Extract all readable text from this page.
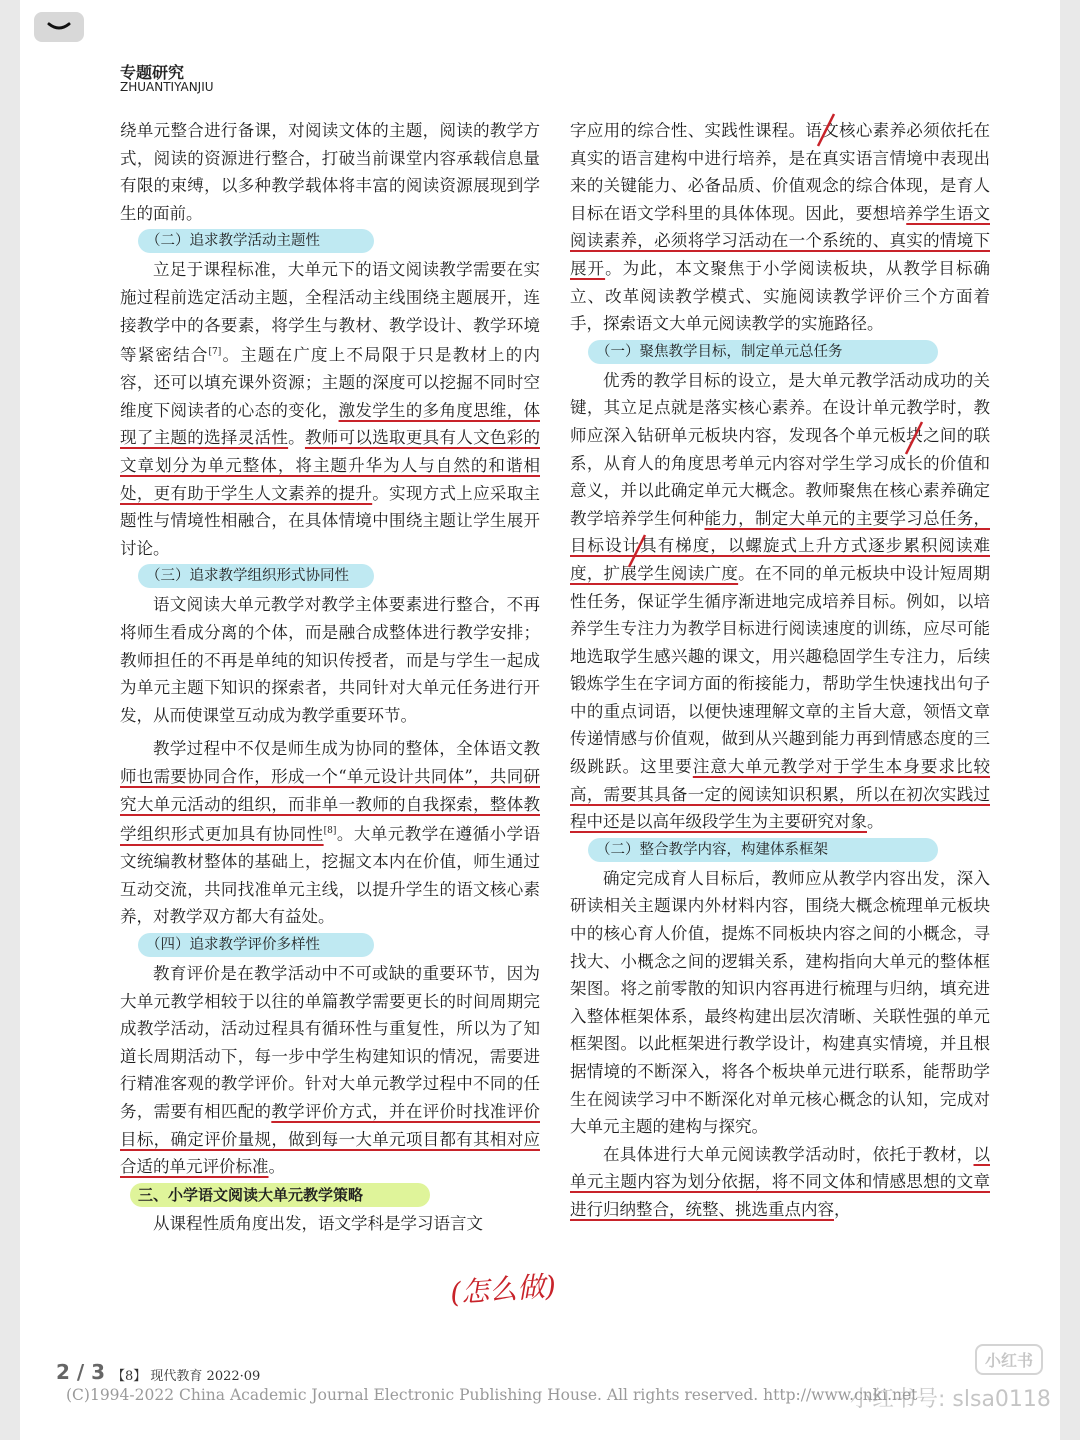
专题研究
ZHUANTIYANJIU

绕单元整合进行备课，对阅读文体的主题，阅读的教学方式，阅读的资源进行整合，打破当前课堂内容承载信息量有限的束缚，以多种教学载体将丰富的阅读资源展现到学生的面前。

（二）追求教学活动主题性

立足于课程标准，大单元下的语文阅读教学需要在实施过程前选定活动主题，全程活动主线围绕主题展开，连接教学中的各要素，将学生与教材、教学设计、教学环境等紧密结合[7]。主题在广度上不局限于只是教材上的内容，还可以填充课外资源；主题的深度可以挖掘不同时空维度下阅读者的心态的变化，激发学生的多角度思维，体现了主题的选择灵活性。教师可以选取更具有人文色彩的文章划分为单元整体，将主题升华为人与自然的和谐相处，更有助于学生人文素养的提升。实现方式上应采取主题性与情境性相融合，在具体情境中围绕主题让学生展开讨论。

（三）追求教学组织形式协同性

语文阅读大单元教学对教学主体要素进行整合，不再将师生看成分离的个体，而是融合成整体进行教学安排；教师担任的不再是单纯的知识传授者，而是与学生一起成为单元主题下知识的探索者，共同针对大单元任务进行开发，从而使课堂互动成为教学重要环节。

教学过程中不仅是师生成为协同的整体，全体语文教师也需要协同合作，形成一个“单元设计共同体”，共同研究大单元活动的组织，而非单一教师的自我探索，整体教学组织形式更加具有协同性[8]。大单元教学在遵循小学语文统编教材整体的基础上，挖掘文本内在价值，师生通过互动交流，共同找准单元主线，以提升学生的语文核心素养，对教学双方都大有益处。

（四）追求教学评价多样性

教育评价是在教学活动中不可或缺的重要环节，因为大单元教学相较于以往的单篇教学需要更长的时间周期完成教学活动，活动过程具有循环性与重复性，所以为了知道长周期活动下，每一步中学生构建知识的情况，需要进行精准客观的教学评价。针对大单元教学过程中不同的任务，需要有相匹配的教学评价方式，并在评价时找准评价目标，确定评价量规，做到每一大单元项目都有其相对应合适的单元评价标准。

三、小学语文阅读大单元教学策略

从课程性质角度出发，语文学科是学习语言文

字应用的综合性、实践性课程。语文核心素养必须依托在真实的语言建构中进行培养，是在真实语言情境中表现出来的关键能力、必备品质、价值观念的综合体现，是育人目标在语文学科里的具体体现。因此，要想培养学生语文阅读素养，必须将学习活动在一个系统的、真实的情境下展开。为此，本文聚焦于小学阅读板块，从教学目标确立、改革阅读教学模式、实施阅读教学评价三个方面着手，探索语文大单元阅读教学的实施路径。

（一）聚焦教学目标，制定单元总任务

优秀的教学目标的设立，是大单元教学活动成功的关键，其立足点就是落实核心素养。在设计单元教学时，教师应深入钻研单元板块内容，发现各个单元板块之间的联系，从育人的角度思考单元内容对学生学习成长的价值和意义，并以此确定单元大概念。教师聚焦在核心素养确定教学培养学生何种能力，制定大单元的主要学习总任务，目标设计具有梯度，以螺旋式上升方式逐步累积阅读难度，扩展学生阅读广度。在不同的单元板块中设计短周期性任务，保证学生循序渐进地完成培养目标。例如，以培养学生专注力为教学目标进行阅读速度的训练，应尽可能地选取学生感兴趣的课文，用兴趣稳固学生专注力，后续锻炼学生在字词方面的衔接能力，帮助学生快速找出句子中的重点词语，以便快速理解文章的主旨大意，领悟文章传递情感与价值观，做到从兴趣到能力再到情感态度的三级跳跃。这里要注意大单元教学对于学生本身要求比较高，需要其具备一定的阅读知识积累，所以在初次实践过程中还是以高年级段学生为主要研究对象。

（二）整合教学内容，构建体系框架

确定完成育人目标后，教师应从教学内容出发，深入研读相关主题课内外材料内容，围绕大概念梳理单元板块中的核心育人价值，提炼不同板块内容之间的小概念，寻找大、小概念之间的逻辑关系，建构指向大单元的整体框架图。将之前零散的知识内容再进行梳理与归纳，填充进入整体框架体系，最终构建出层次清晰、关联性强的单元框架图。以此框架进行教学设计，构建真实情境，并且根据情境的不断深入，将各个板块单元进行联系，能帮助学生在阅读学习中不断深化对单元核心概念的认知，完成对大单元主题的建构与探究。

在具体进行大单元阅读教学活动时，依托于教材，以单元主题内容为划分依据，将不同文体和情感思想的文章进行归纳整合，统整、挑选重点内容，

(怎么做)
2 / 3 【8】 现代教育 2022·09
(C)1994-2022 China Academic Journal Electronic Publishing House. All rights reserved. http://www.cnki.net
小红书
小红书号: slsa0118
